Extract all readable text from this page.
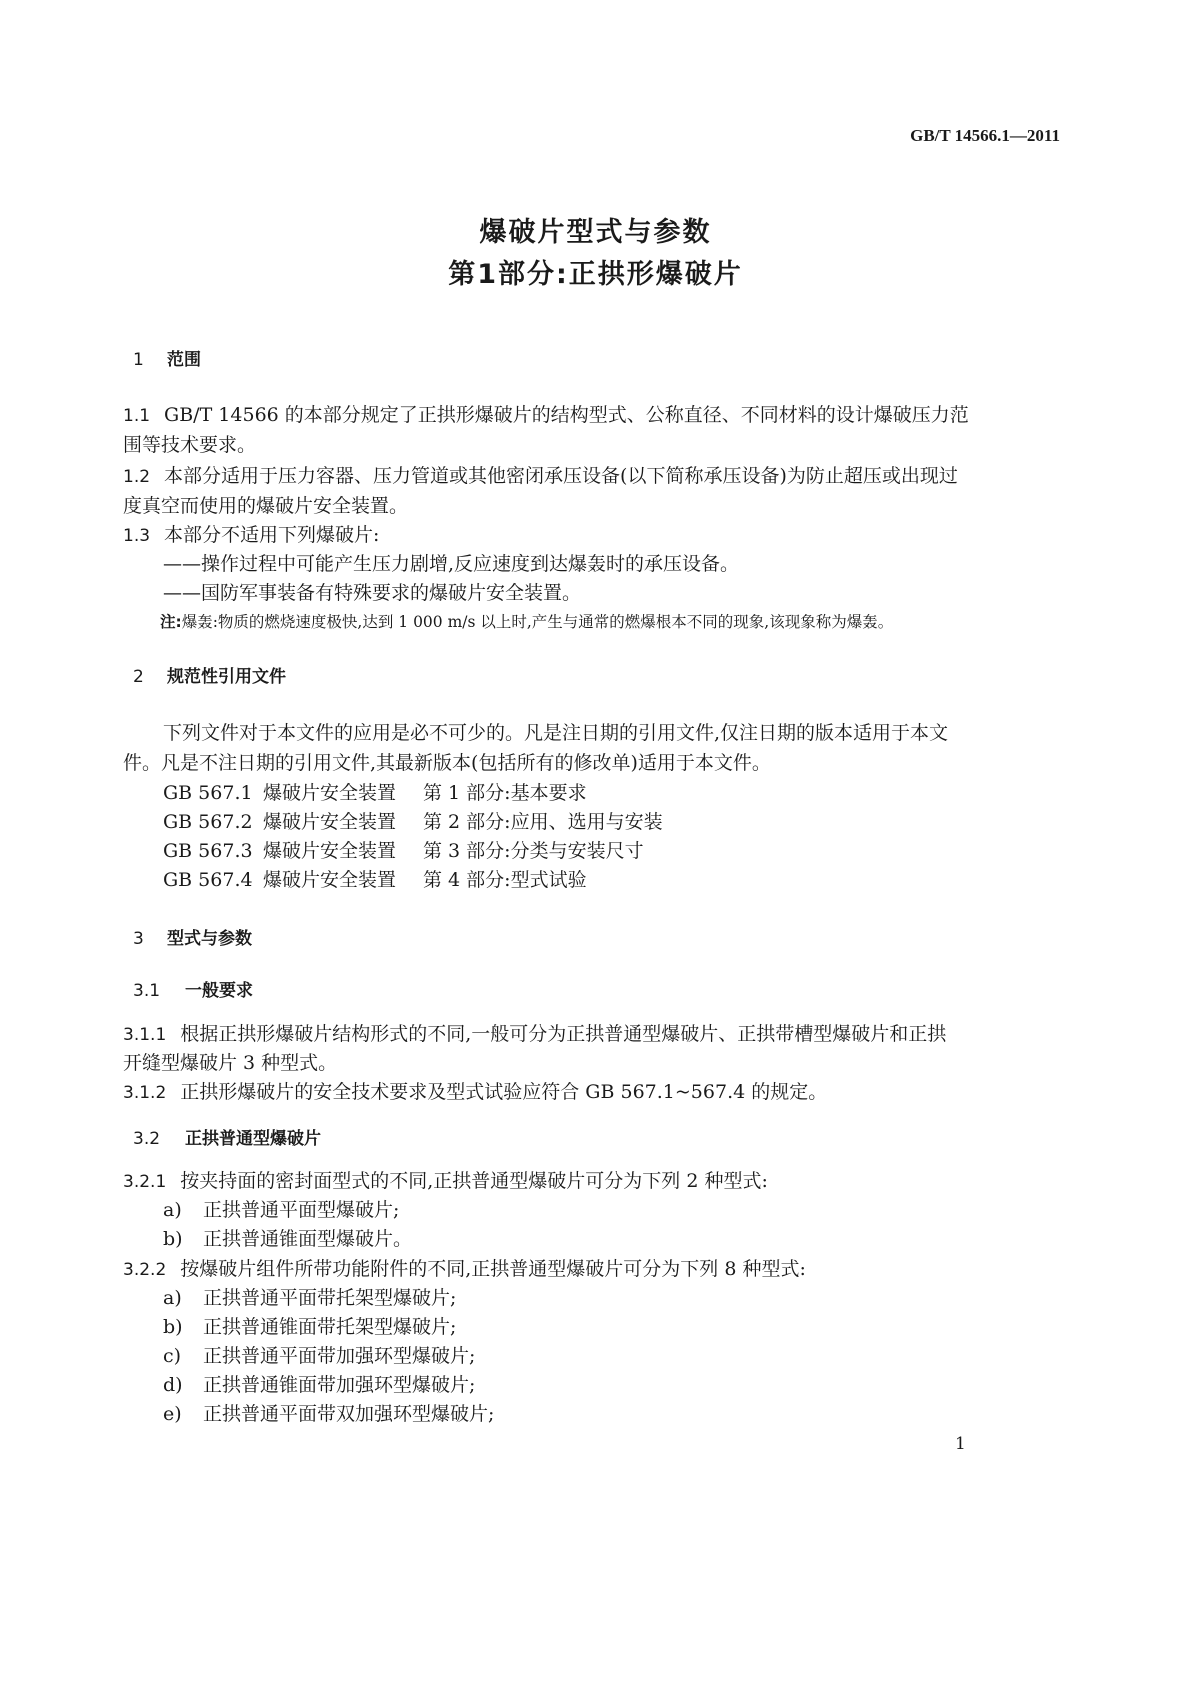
GB/T 14566.1—2011
爆破片型式与参数
第1部分:正拱形爆破片
1 范围
1.1 GB/T 14566 的本部分规定了正拱形爆破片的结构型式、公称直径、不同材料的设计爆破压力范
围等技术要求。
1.2 本部分适用于压力容器、压力管道或其他密闭承压设备(以下简称承压设备)为防止超压或出现过
度真空而使用的爆破片安全装置。
1.3 本部分不适用下列爆破片:
——操作过程中可能产生压力剧增,反应速度到达爆轰时的承压设备。
——国防军事装备有特殊要求的爆破片安全装置。
注:爆轰:物质的燃烧速度极快,达到 1 000 m/s 以上时,产生与通常的燃爆根本不同的现象,该现象称为爆轰。
2 规范性引用文件
下列文件对于本文件的应用是必不可少的。凡是注日期的引用文件,仅注日期的版本适用于本文
件。凡是不注日期的引用文件,其最新版本(包括所有的修改单)适用于本文件。
GB 567.1 爆破片安全装置 第 1 部分:基本要求
GB 567.2 爆破片安全装置 第 2 部分:应用、选用与安装
GB 567.3 爆破片安全装置 第 3 部分:分类与安装尺寸
GB 567.4 爆破片安全装置 第 4 部分:型式试验
3 型式与参数
3.1 一般要求
3.1.1 根据正拱形爆破片结构形式的不同,一般可分为正拱普通型爆破片、正拱带槽型爆破片和正拱
开缝型爆破片 3 种型式。
3.1.2 正拱形爆破片的安全技术要求及型式试验应符合 GB 567.1~567.4 的规定。
3.2 正拱普通型爆破片
3.2.1 按夹持面的密封面型式的不同,正拱普通型爆破片可分为下列 2 种型式:
a) 正拱普通平面型爆破片;
b) 正拱普通锥面型爆破片。
3.2.2 按爆破片组件所带功能附件的不同,正拱普通型爆破片可分为下列 8 种型式:
a) 正拱普通平面带托架型爆破片;
b) 正拱普通锥面带托架型爆破片;
c) 正拱普通平面带加强环型爆破片;
d) 正拱普通锥面带加强环型爆破片;
e) 正拱普通平面带双加强环型爆破片;
1
